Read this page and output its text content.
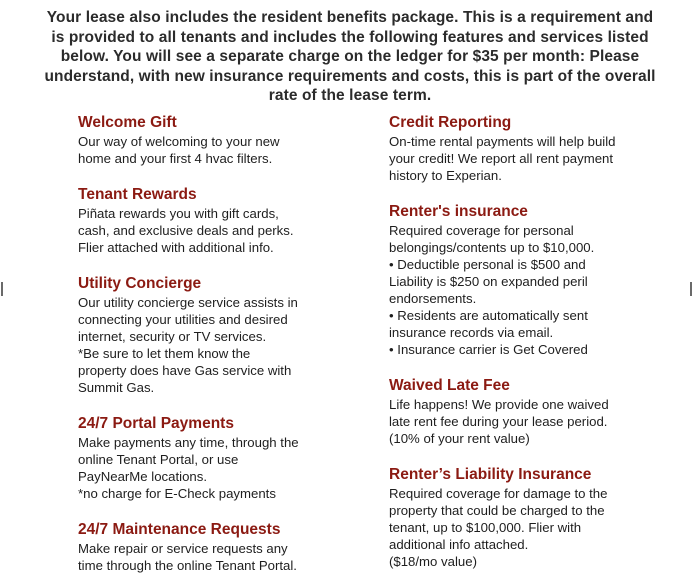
Your lease also includes the resident benefits package. This is a requirement and
is provided to all tenants and includes the following features and services listed
below. You will see a separate charge on the ledger for $35 per month: Please
understand, with new insurance requirements and costs, this is part of the overall
rate of the lease term.
Welcome Gift
Our way of welcoming to your new
home and your first 4 hvac filters.
Tenant Rewards
Piñata rewards you with gift cards,
cash, and exclusive deals and perks.
Flier attached with additional info.
Utility Concierge
Our utility concierge service assists in
connecting your utilities and desired
internet, security or TV services.
*Be sure to let them know the
property does have Gas service with
Summit Gas.
24/7 Portal Payments
Make payments any time, through the
online Tenant Portal, or use
PayNearMe locations.
*no charge for E-Check payments
24/7 Maintenance Requests
Make repair or service requests any
time through the online Tenant Portal.
Credit Reporting
On-time rental payments will help build
your credit! We report all rent payment
history to Experian.
Renter's insurance
Required coverage for personal
belongings/contents up to $10,000.
• Deductible personal is $500 and
Liability is $250 on expanded peril
endorsements.
• Residents are automatically sent
insurance records via email.
• Insurance carrier is Get Covered
Waived Late Fee
Life happens! We provide one waived
late rent fee during your lease period.
(10% of your rent value)
Renter’s Liability Insurance
Required coverage for damage to the
property that could be charged to the
tenant, up to $100,000. Flier with
additional info attached.
($18/mo value)
